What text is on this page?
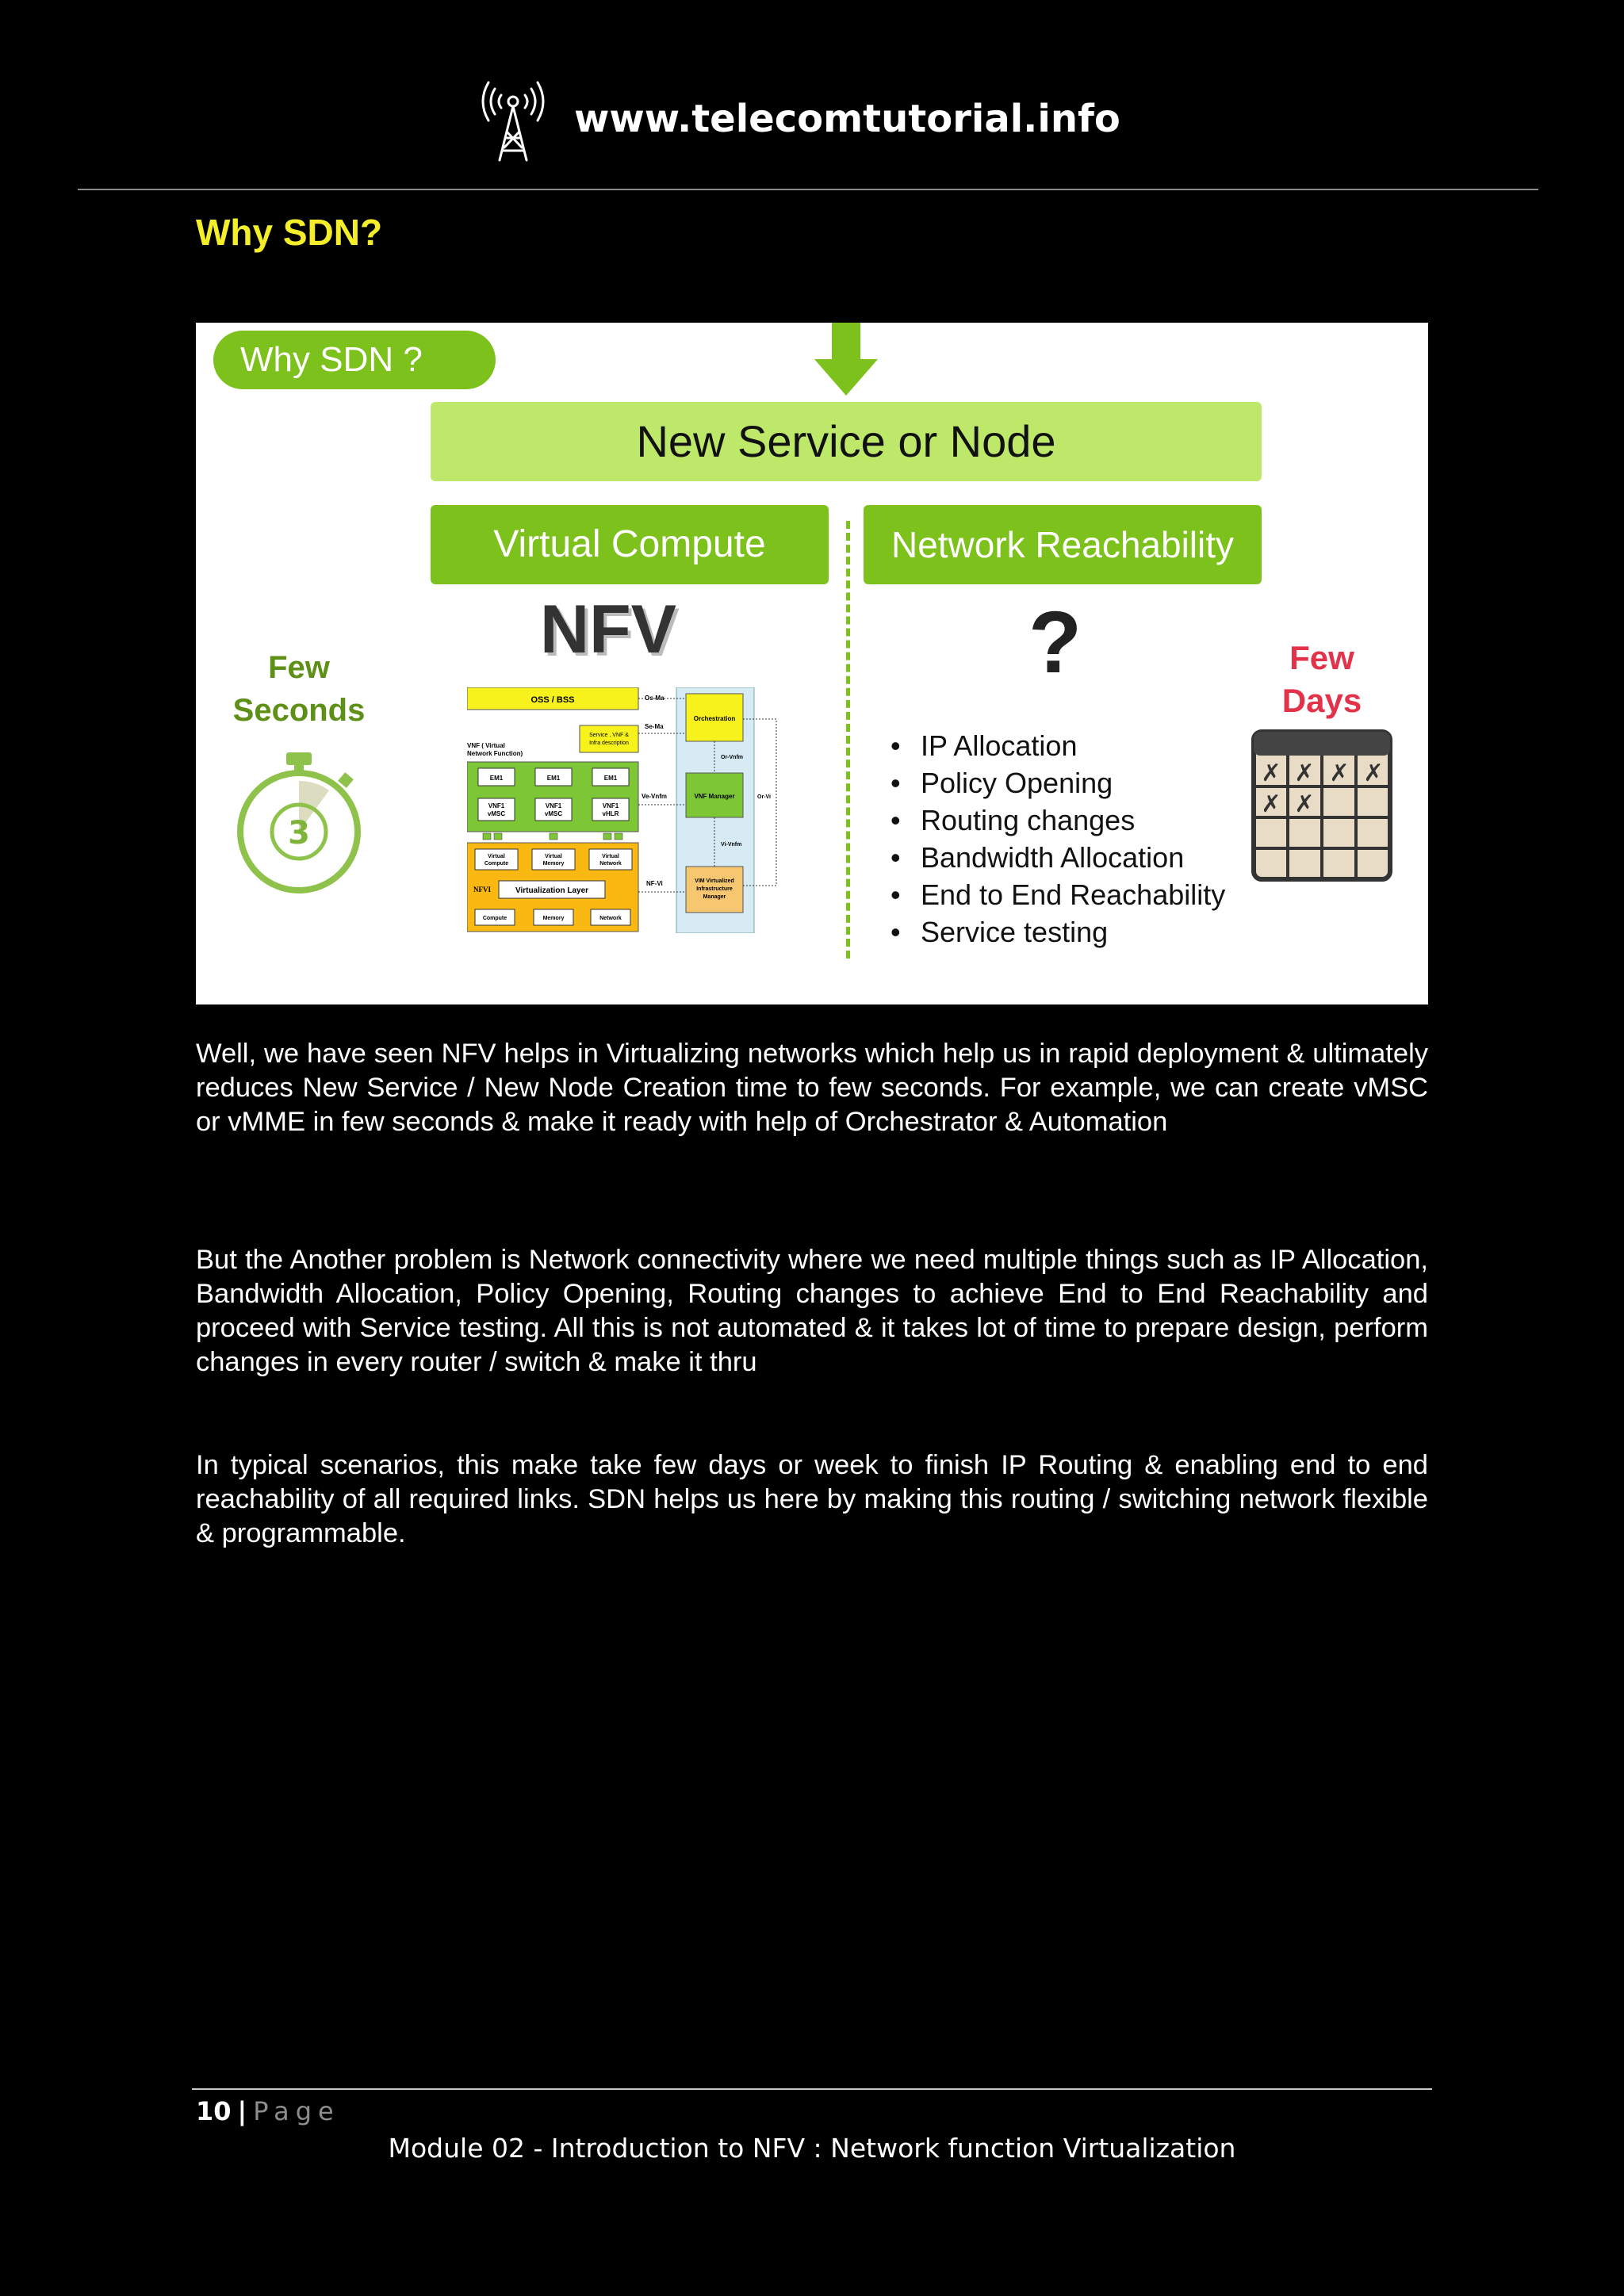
www.telecomtutorial.info
Why SDN?
Why SDN ?
New Service or Node
Virtual Compute	Network Reachability
NFV	?
Few
Seconds
Few
Days
3
✗ ✗ ✗ ✗
✗ ✗
• IP Allocation
• Policy Opening
• Routing changes
• Bandwidth Allocation
• End to End Reachability
• Service testing
OSS / BSS	Os-Ma
Se-Ma
Service , VNF &
Infra description
VNF ( Virtual
Network Function)
EM1	EM1	EM1
VNF1
vMSC
VNF1
vMSC
VNF1
vHLR
Virtual
Compute
Virtual
Memory
Virtual
Network
NFVI	Virtualization Layer
Compute	Memory	Network
Orchestration
Or-Vnfm
VNF Manager
Ve-Vnfm	Or-Vi
Vi-Vnfm
NF-Vi	VIM Virtualized
Infrastructure
Manager
Well, we have seen NFV helps in Virtualizing networks which help us in rapid deployment & ultimately reduces New Service / New Node Creation time to few seconds. For example, we can create vMSC or vMME in few seconds & make it ready with help of Orchestrator & Automation
But the Another problem is Network connectivity where we need multiple things such as IP Allocation, Bandwidth Allocation, Policy Opening, Routing changes to achieve End to End Reachability and proceed with Service testing. All this is not automated & it takes lot of time to prepare design, perform changes in every router / switch & make it thru
In typical scenarios, this make take few days or week to finish IP Routing & enabling end to end reachability of all required links. SDN helps us here by making this routing / switching network flexible & programmable.
10 | Page
Module 02 - Introduction to NFV : Network function Virtualization
